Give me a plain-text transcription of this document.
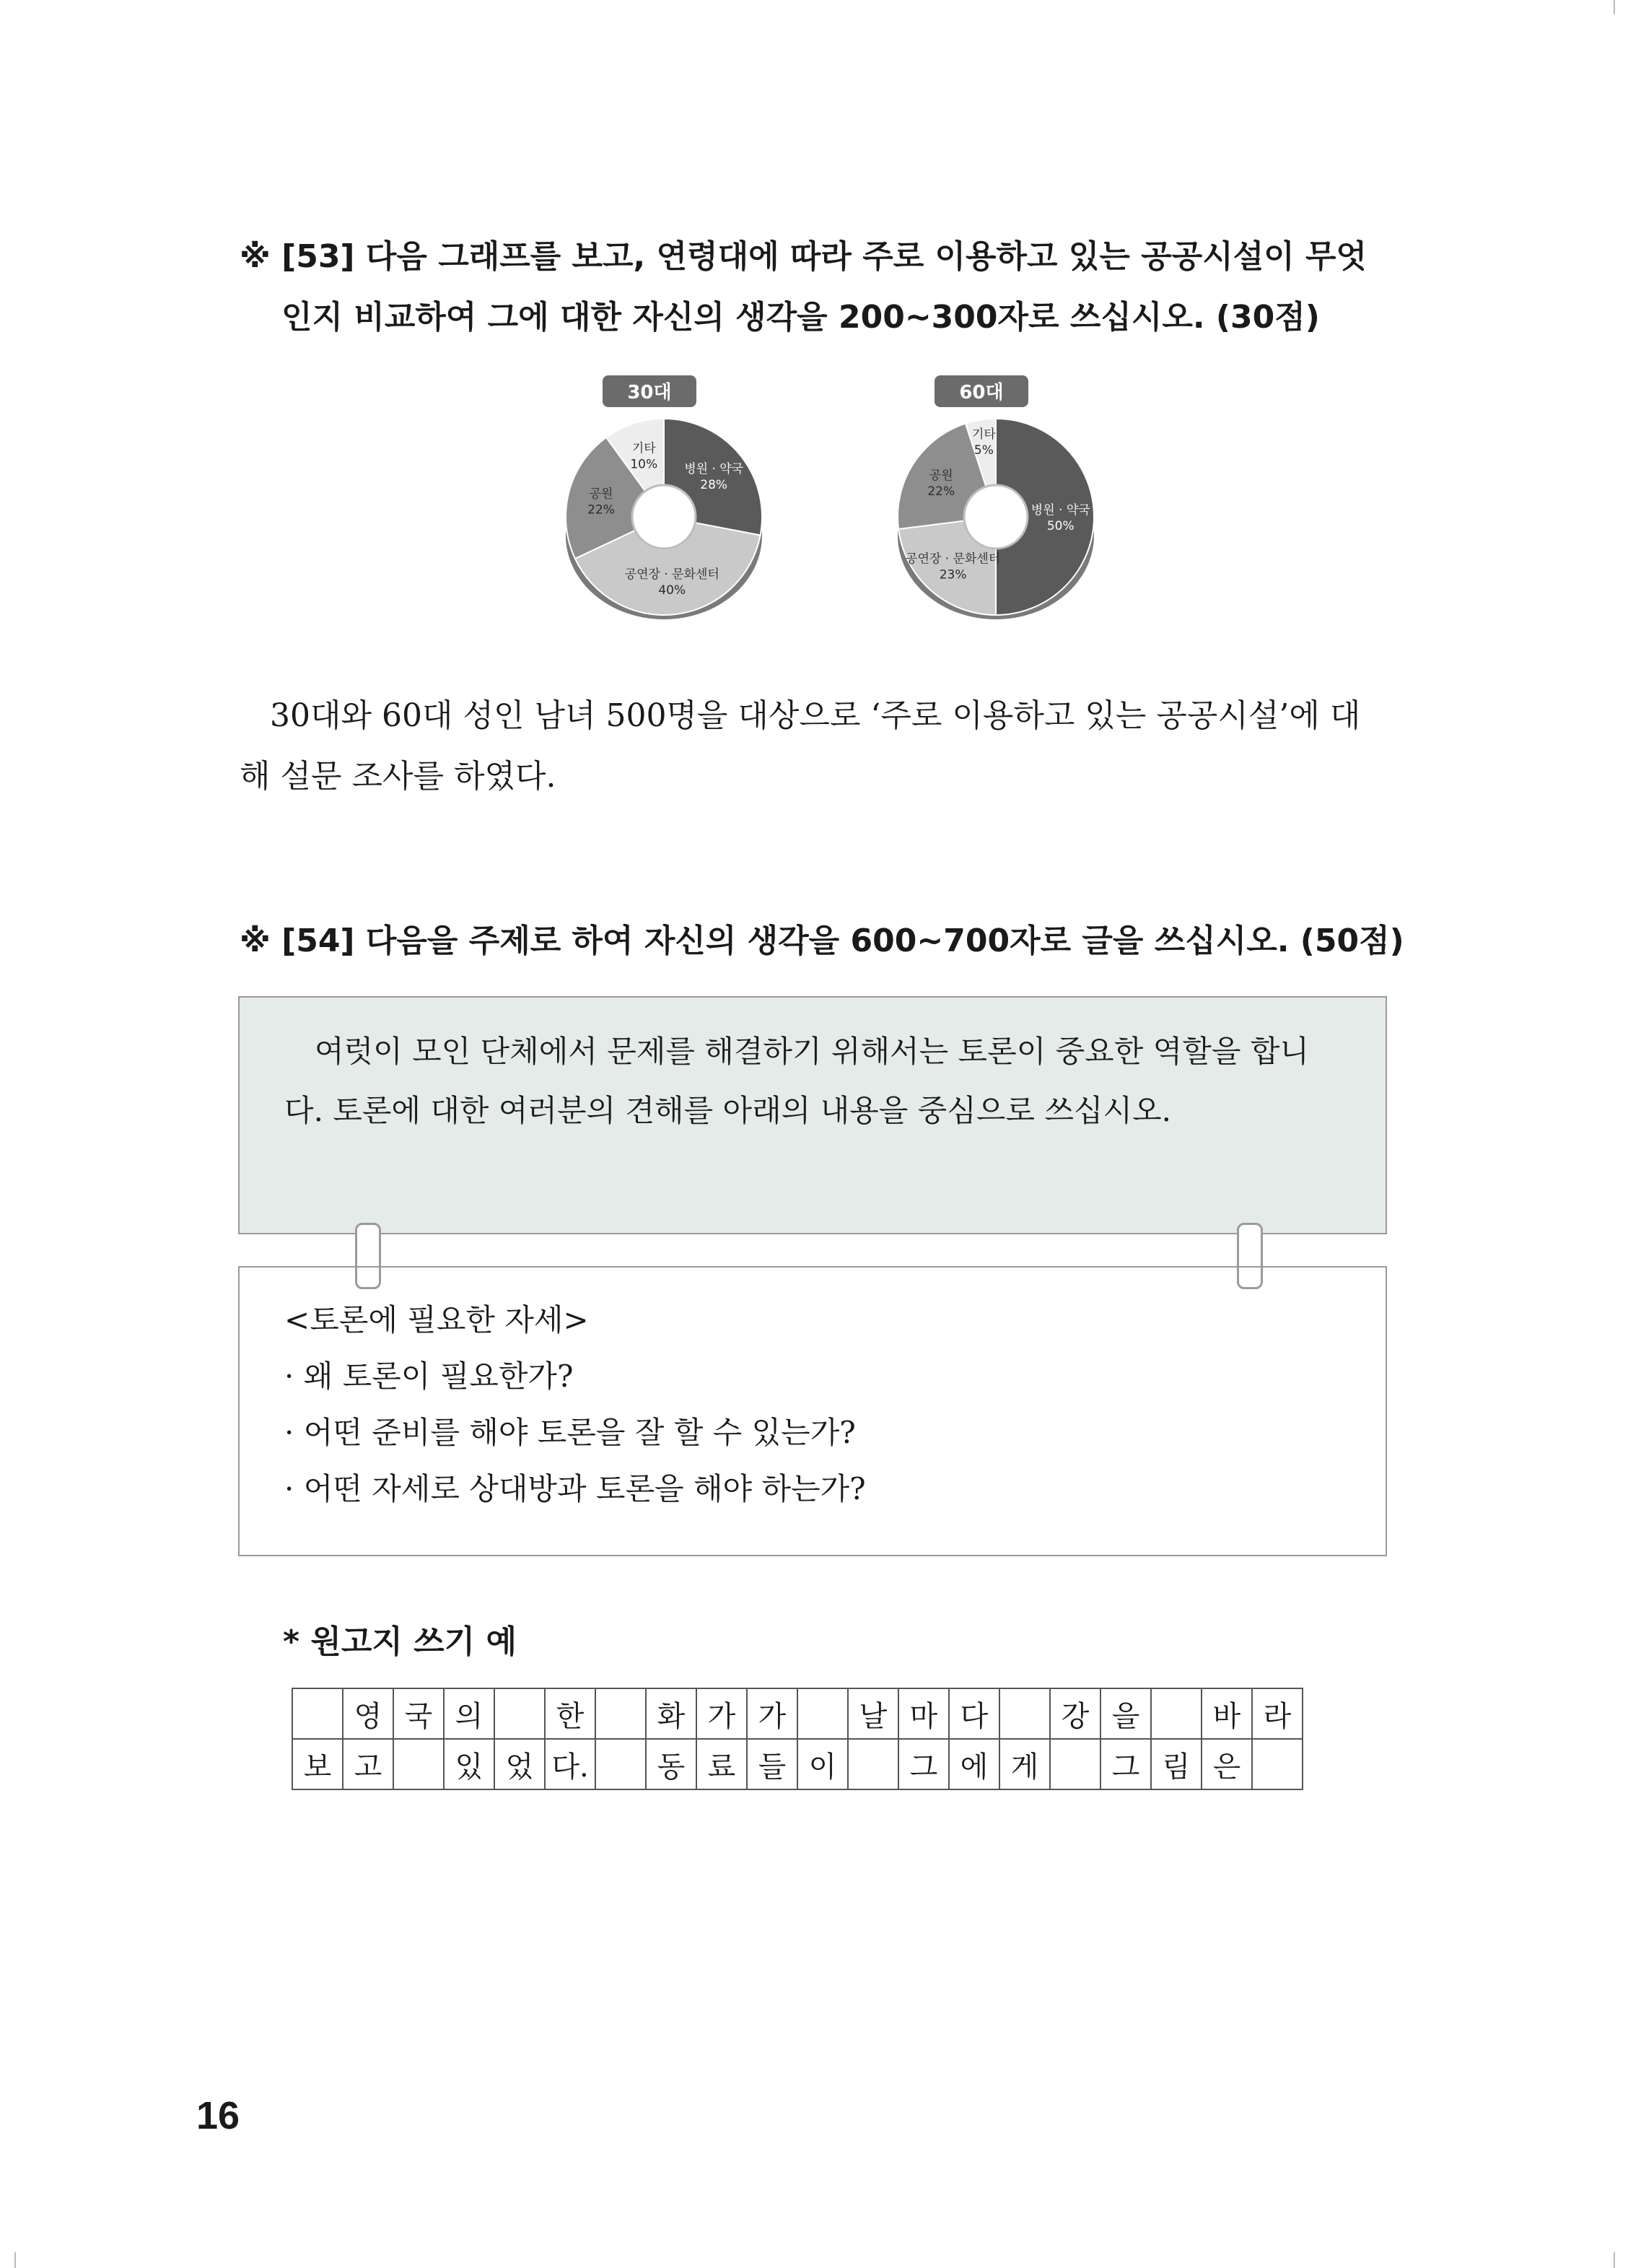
※ [53] 다음 그래프를 보고, 연령대에 따라 주로 이용하고 있는 공공시설이 무엇
인지 비교하여 그에 대한 자신의 생각을 200~300자로 쓰십시오. (30점)
30대
병원 · 약국
28%
공연장 · 문화센터
40%
공원
22%
기타
10%
60대
병원 · 약국
50%
공연장 · 문화센터
23%
공원
22%
기타
5%
30대와 60대 성인 남녀 500명을 대상으로 ‘주로 이용하고 있는 공공시설’에 대해 설문 조사를 하였다.
※ [54] 다음을 주제로 하여 자신의 생각을 600~700자로 글을 쓰십시오. (50점)

여럿이 모인 단체에서 문제를 해결하기 위해서는 토론이 중요한 역할을 합니다. 토론에 대한 여러분의 견해를 아래의 내용을 중심으로 쓰십시오.

<토론에 필요한 자세>
· 왜 토론이 필요한가?
· 어떤 준비를 해야 토론을 잘 할 수 있는가?
· 어떤 자세로 상대방과 토론을 해야 하는가?
* 원고지 쓰기 예
	영	국	의		한		화	가	가		날	마	다		강	을		바	라
보	고		있	었	다.		동	료	들	이		그	에	게		그	림	은	
16
